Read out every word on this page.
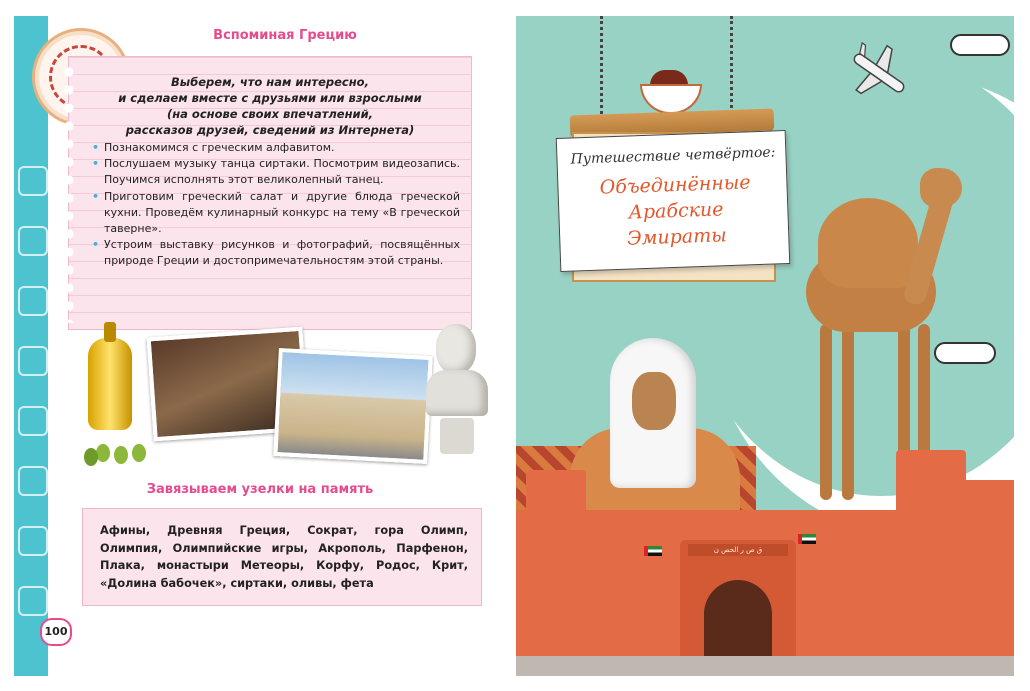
Вспоминая Грецию
Выберем, что нам интересно,
и сделаем вместе с друзьями или взрослыми
(на основе своих впечатлений,
рассказов друзей, сведений из Интернета)
• Познакомимся с греческим алфавитом.
• Послушаем музыку танца сиртаки. Посмотрим видеозапись. Поучимся исполнять этот великолепный танец.
• Приготовим греческий салат и другие блюда греческой кухни. Проведём кулинарный конкурс на тему «В греческой таверне».
• Устроим выставку рисунков и фотографий, посвящённых природе Греции и достопримечательностям этой страны.
Завязываем узелки на память
Афины, Древняя Греция, Сократ, гора Олимп, Олимпия, Олимпийские игры, Акрополь, Парфенон, Плака, монастыри Метеоры, Корфу, Родос, Крит, «Долина бабочек», сиртаки, оливы, фета
100
Путешествие четвёртое:
Объединённые
Арабские
Эмираты
ق ص ر الحص ن
